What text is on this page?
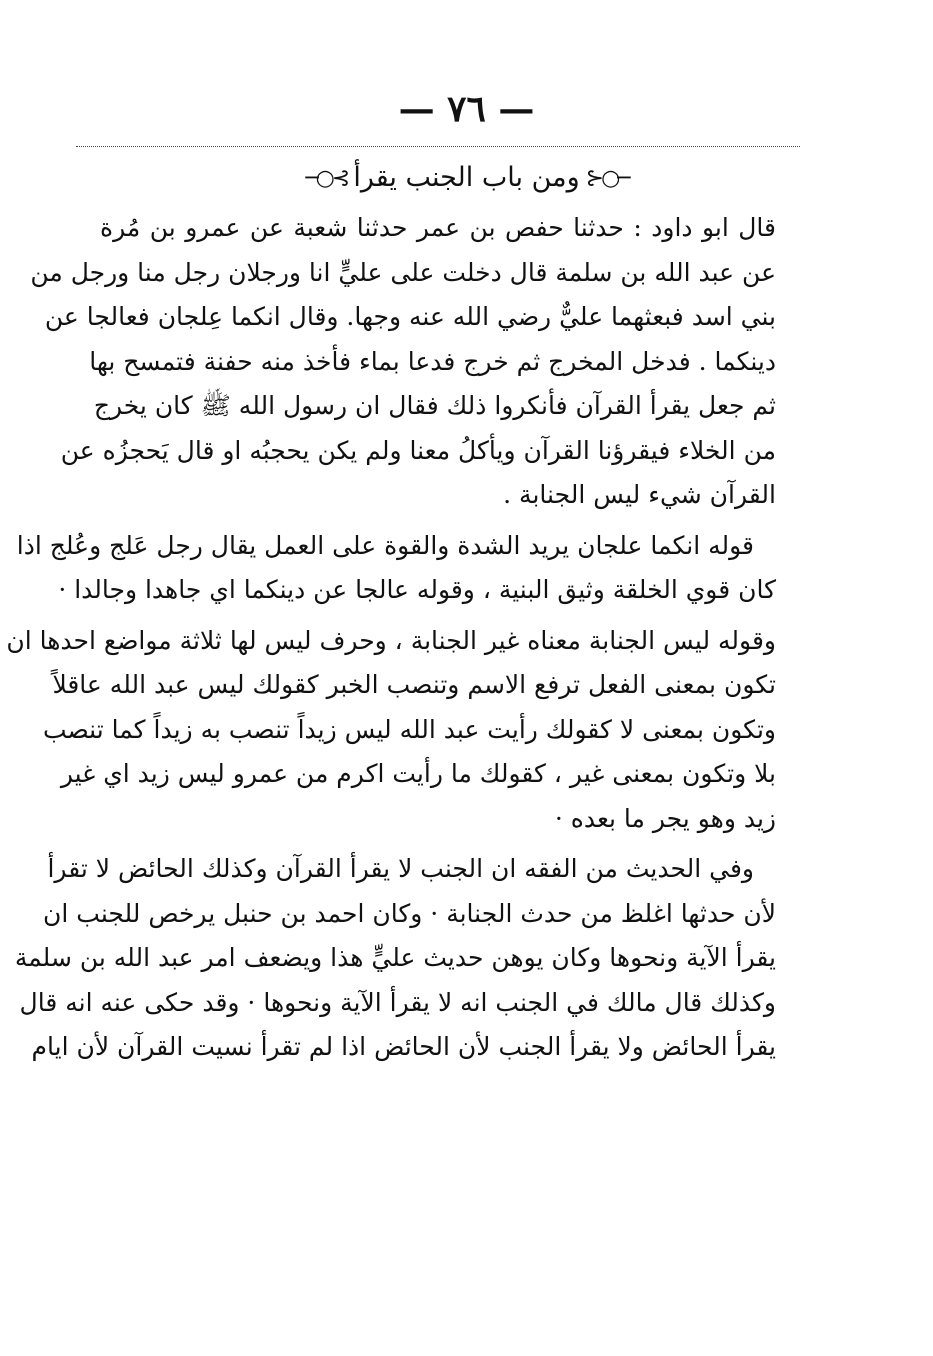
— ٧٦ —
─○⊰ومن باب الجنب يقرأ⊱○─
قال ابو داود : حدثنا حفص بن عمر حدثنا شعبة عن عمرو بن مُرة
عن عبد الله بن سلمة قال دخلت على عليٍّ انا ورجلان رجل منا ورجل من
بني اسد فبعثهما عليٌّ رضي الله عنه وجها. وقال انكما عِلجان فعالجا عن
دينكما . فدخل المخرج ثم خرج فدعا بماء فأخذ منه حفنة فتمسح بها
ثم جعل يقرأ القرآن فأنكروا ذلك فقال ان رسول الله ﷺ كان يخرج
من الخلاء فيقرؤنا القرآن ويأكلُ معنا ولم يكن يحجبُه او قال يَحجزُه عن
القرآن شيء ليس الجنابة .
قوله انكما علجان يريد الشدة والقوة على العمل يقال رجل عَلج وعُلج اذا
كان قوي الخلقة وثيق البنية ، وقوله عالجا عن دينكما اي جاهدا وجالدا ·
وقوله ليس الجنابة معناه غير الجنابة ، وحرف ليس لها ثلاثة مواضع احدها ان
تكون بمعنى الفعل ترفع الاسم وتنصب الخبر كقولك ليس عبد الله عاقلاً
وتكون بمعنى لا كقولك رأيت عبد الله ليس زيداً تنصب به زيداً كما تنصب
بلا وتكون بمعنى غير ، كقولك ما رأيت اكرم من عمرو ليس زيد اي غير
زيد وهو يجر ما بعده ·
وفي الحديث من الفقه ان الجنب لا يقرأ القرآن وكذلك الحائض لا تقرأ
لأن حدثها اغلظ من حدث الجنابة · وكان احمد بن حنبل يرخص للجنب ان
يقرأ الآية ونحوها وكان يوهن حديث عليٍّ هذا ويضعف امر عبد الله بن سلمة
وكذلك قال مالك في الجنب انه لا يقرأ الآية ونحوها · وقد حكى عنه انه قال
يقرأ الحائض ولا يقرأ الجنب لأن الحائض اذا لم تقرأ نسيت القرآن لأن ايام
